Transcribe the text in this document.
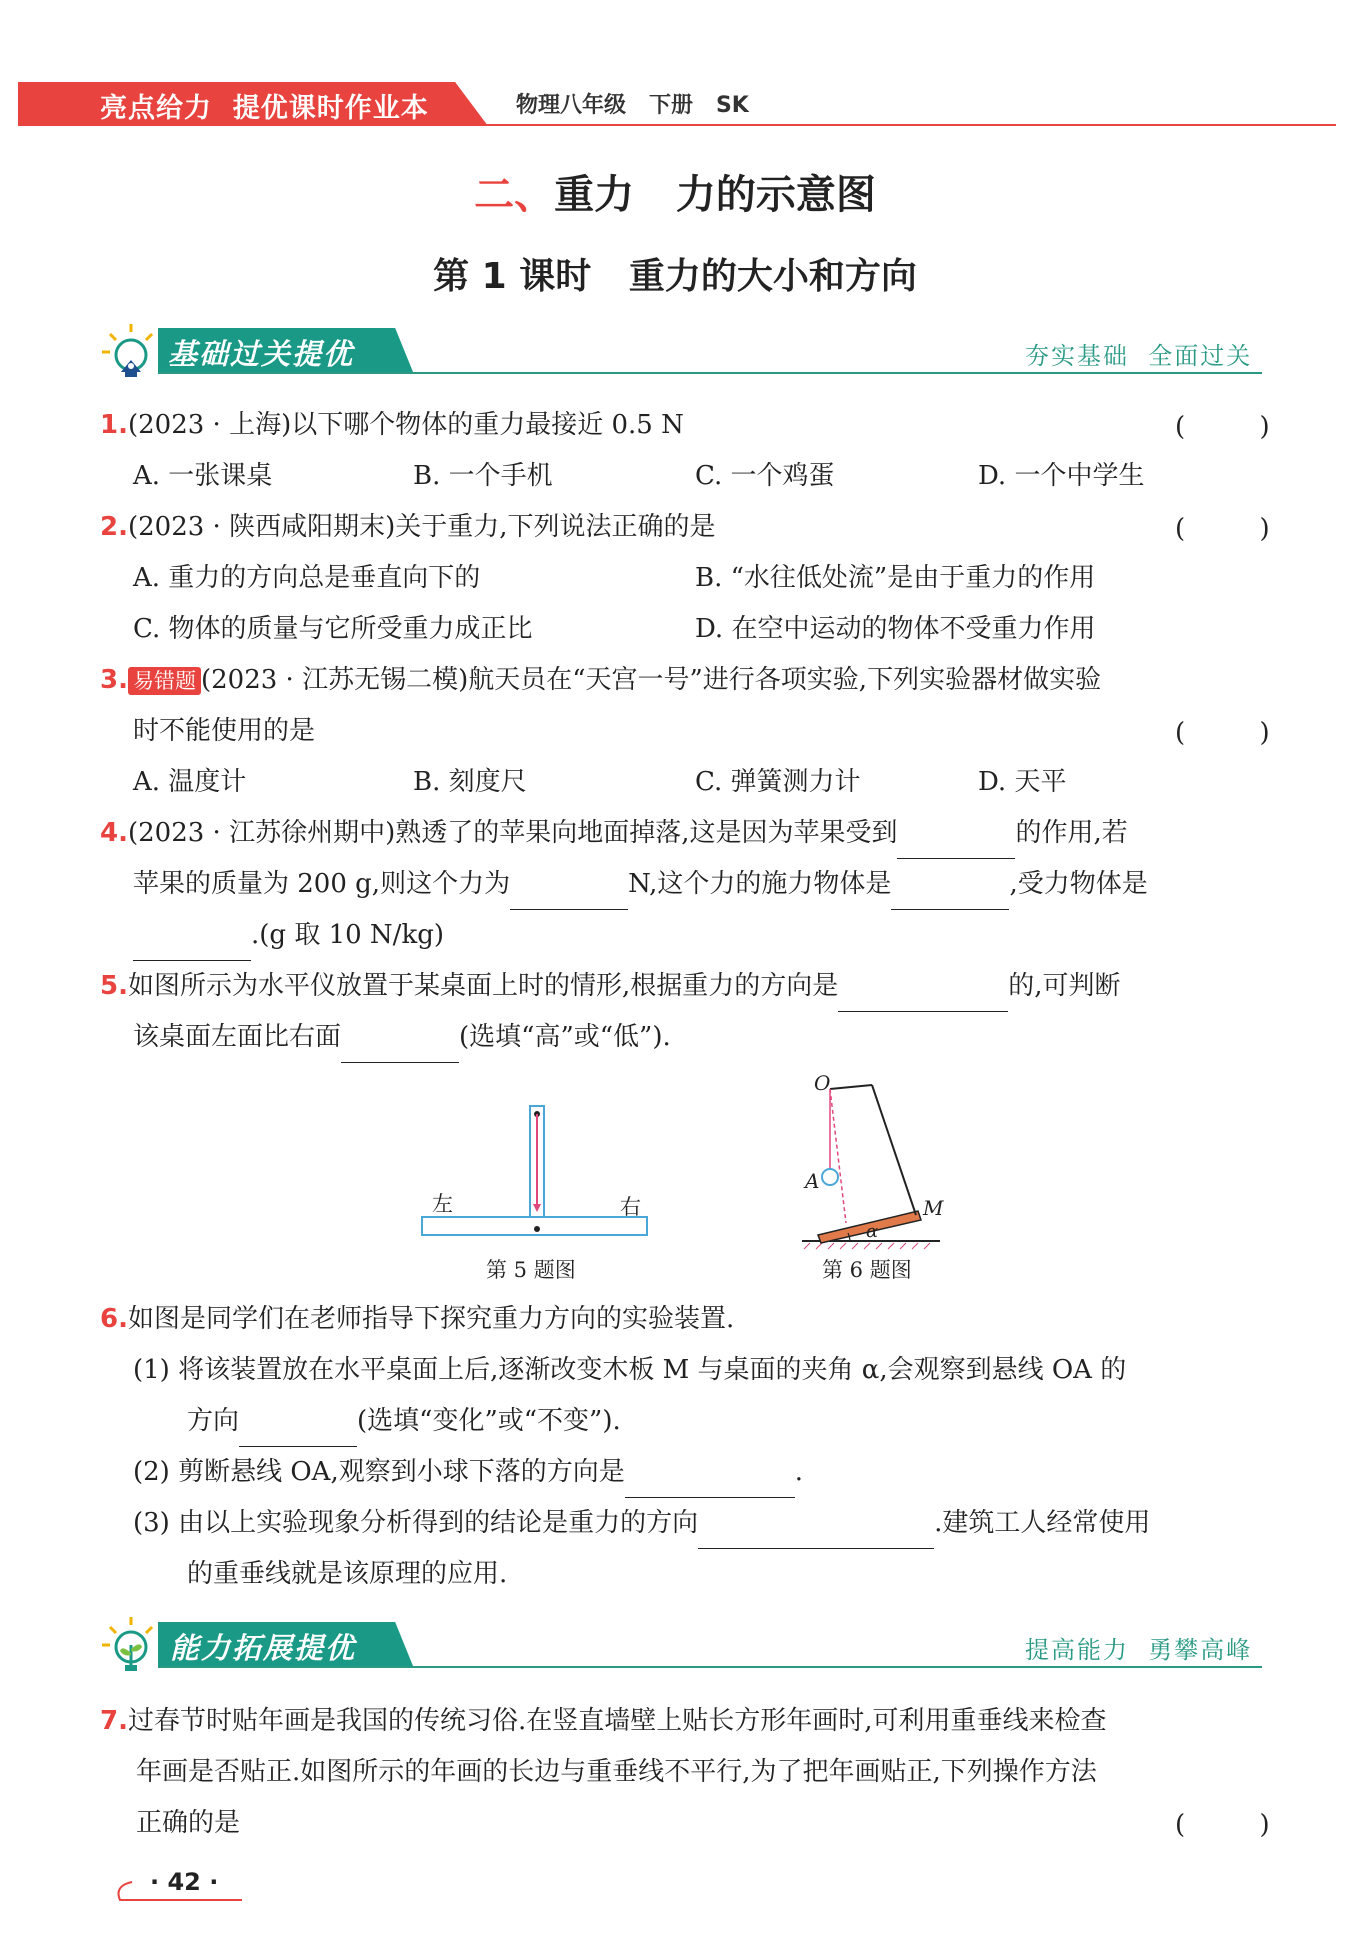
亮点给力  提优课时作业本	物理八年级   下册   SK
二、重力   力的示意图
第 1 课时   重力的大小和方向
基础过关提优	夯实基础  全面过关
1.(2023 · 上海)以下哪个物体的重力最接近 0.5 N	(         )
A. 一张课桌	B. 一个手机	C. 一个鸡蛋	D. 一个中学生
2.(2023 · 陕西咸阳期末)关于重力,下列说法正确的是	(         )
A. 重力的方向总是垂直向下的	B. “水往低处流”是由于重力的作用
C. 物体的质量与它所受重力成正比	D. 在空中运动的物体不受重力作用
3. 易错题 (2023 · 江苏无锡二模)航天员在“天宫一号”进行各项实验,下列实验器材做实验
时不能使用的是	(         )
A. 温度计	B. 刻度尺	C. 弹簧测力计	D. 天平
4.(2023 · 江苏徐州期中)熟透了的苹果向地面掉落,这是因为苹果受到	的作用,若
苹果的质量为 200 g,则这个力为	N,这个力的施力物体是	,受力物体是
.(g 取 10 N/kg)
5.如图所示为水平仪放置于某桌面上时的情形,根据重力的方向是	的,可判断
该桌面左面比右面	(选填“高”或“低”).
左	右
第 5 题图
O
A
M
α
第 6 题图
6.如图是同学们在老师指导下探究重力方向的实验装置.
(1) 将该装置放在水平桌面上后,逐渐改变木板 M 与桌面的夹角 α,会观察到悬线 OA 的
方向	(选填“变化”或“不变”).
(2) 剪断悬线 OA,观察到小球下落的方向是	.
(3) 由以上实验现象分析得到的结论是重力的方向	.建筑工人经常使用
的重垂线就是该原理的应用.
能力拓展提优	提高能力  勇攀高峰
7.过春节时贴年画是我国的传统习俗.在竖直墙壁上贴长方形年画时,可利用重垂线来检查
年画是否贴正.如图所示的年画的长边与重垂线不平行,为了把年画贴正,下列操作方法
正确的是	(         )
· 42 ·
